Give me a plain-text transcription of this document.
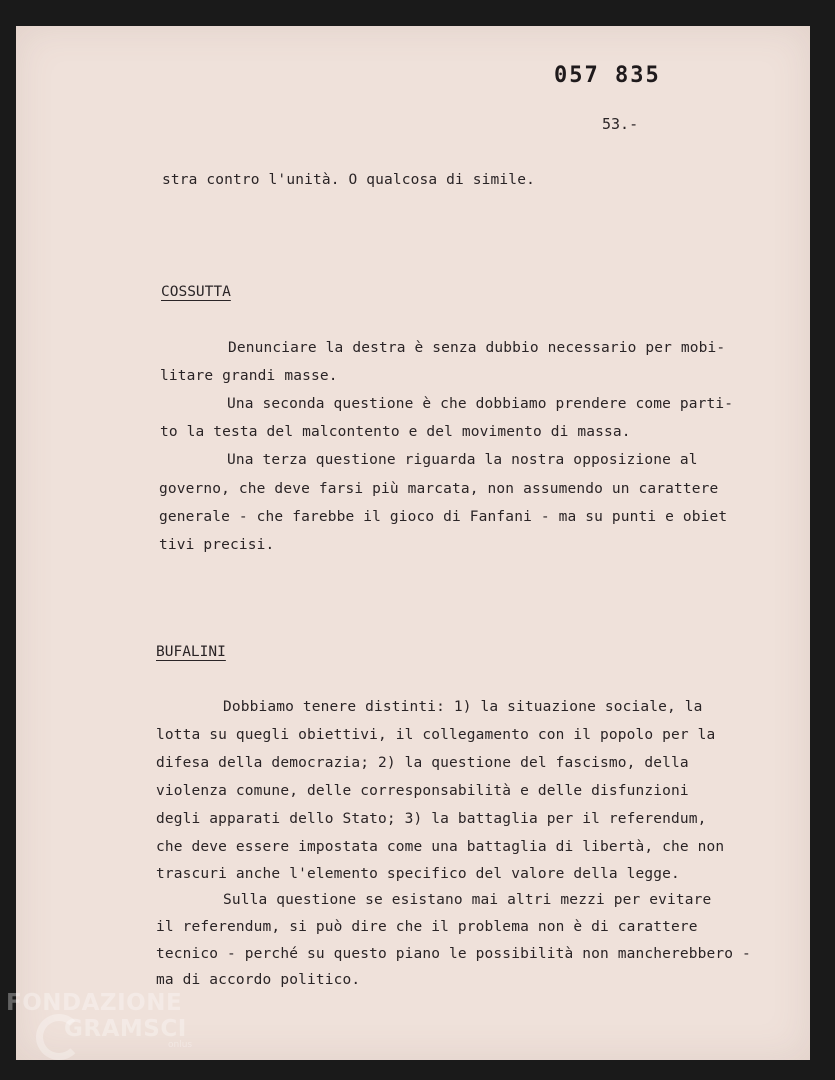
057 835
53.-
stra contro l'unità. O qualcosa di simile.
COSSUTTA
Denunciare la destra è senza dubbio necessario per mobi-
litare grandi masse.
Una seconda questione è che dobbiamo prendere come parti-
to la testa del malcontento e del movimento di massa.
Una terza questione riguarda la nostra opposizione al
governo, che deve farsi più marcata, non assumendo un carattere
generale - che farebbe il gioco di Fanfani - ma su punti e obiet
tivi precisi.
BUFALINI
Dobbiamo tenere distinti: 1) la situazione sociale, la
lotta su quegli obiettivi, il collegamento con il popolo per la
difesa della democrazia; 2) la questione del fascismo, della
violenza comune, delle corresponsabilità e delle disfunzioni
degli apparati dello Stato; 3) la battaglia per il referendum,
che deve essere impostata come una battaglia di libertà, che non
trascuri anche l'elemento specifico del valore della legge.
Sulla questione se esistano mai altri mezzi per evitare
il referendum, si può dire che il problema non è di carattere
tecnico - perché su questo piano le possibilità non mancherebbero -
ma di accordo politico.
FONDAZIONE
GRAMSCI
onlus
